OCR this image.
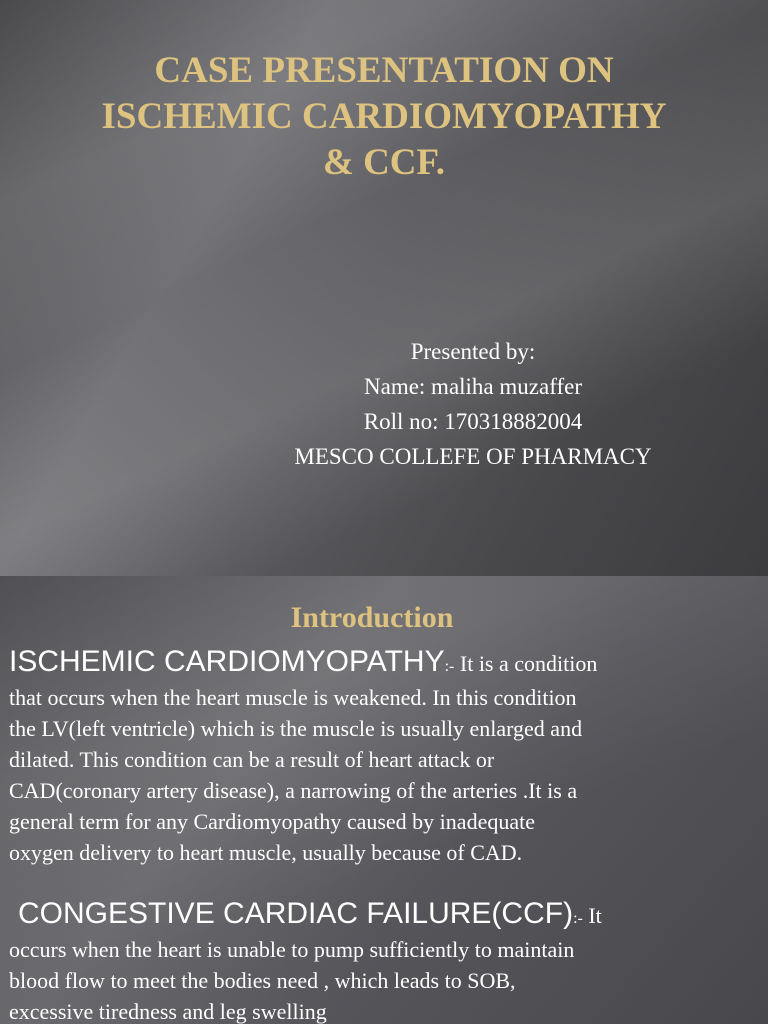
CASE PRESENTATION ON
ISCHEMIC CARDIOMYOPATHY
& CCF.
Presented by:
Name: maliha muzaffer
Roll no: 170318882004
MESCO COLLEFE OF PHARMACY
Introduction
ISCHEMIC CARDIOMYOPATHY:- It is a condition
that occurs when the heart muscle is weakened. In this condition
the LV(left ventricle) which is the muscle is usually enlarged and
dilated. This condition can be a result of heart attack or
CAD(coronary artery disease), a narrowing of the arteries .It is a
general term for any Cardiomyopathy caused by inadequate
oxygen delivery to heart muscle, usually because of CAD.
CONGESTIVE CARDIAC FAILURE(CCF):- It
occurs when the heart is unable to pump sufficiently to maintain
blood flow to meet the bodies need , which leads to SOB,
excessive tiredness and leg swelling
